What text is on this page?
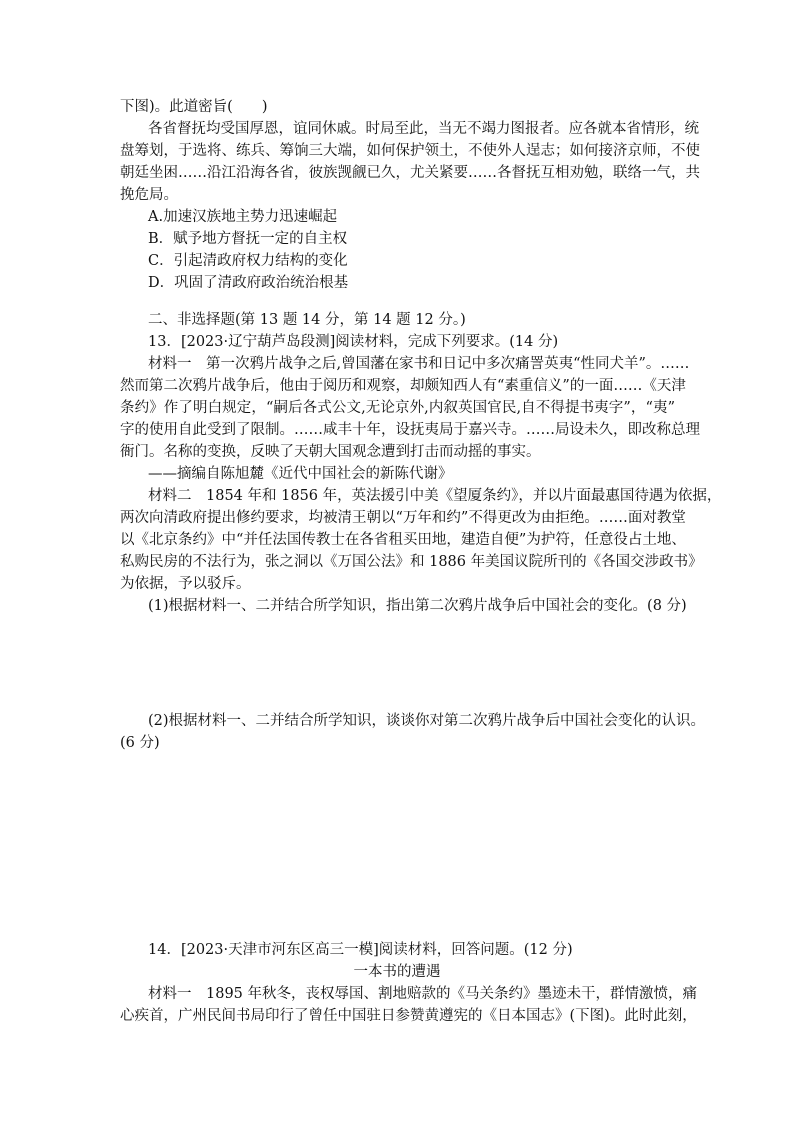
下图)。此道密旨(　　)
各省督抚均受国厚恩，谊同休戚。时局至此，当无不竭力图报者。应各就本省情形，统
盘筹划，于选将、练兵、筹饷三大端，如何保护领土，不使外人逞志；如何接济京师，不使
朝廷坐困……沿江沿海各省，彼族觊觎已久，尤关紧要……各督抚互相劝勉，联络一气，共
挽危局。
A.加速汉族地主势力迅速崛起
B．赋予地方督抚一定的自主权
C．引起清政府权力结构的变化
D．巩固了清政府政治统治根基
二、非选择题(第 13 题 14 分，第 14 题 12 分。)
13．[2023·辽宁葫芦岛段测]阅读材料，完成下列要求。(14 分)
材料一　第一次鸦片战争之后,曾国藩在家书和日记中多次痛詈英夷“性同犬羊”。……
然而第二次鸦片战争后，他由于阅历和观察，却颇知西人有“素重信义”的一面……《天津
条约》作了明白规定，“嗣后各式公文,无论京外,内叙英国官民,自不得提书夷字”，“夷”
字的使用自此受到了限制。……咸丰十年，设抚夷局于嘉兴寺。……局设未久，即改称总理
衙门。名称的变换，反映了天朝大国观念遭到打击而动摇的事实。
——摘编自陈旭麓《近代中国社会的新陈代谢》
材料二　1854 年和 1856 年，英法援引中美《望厦条约》，并以片面最惠国待遇为依据，
两次向清政府提出修约要求，均被清王朝以“万年和约”不得更改为由拒绝。……面对教堂
以《北京条约》中“并任法国传教士在各省租买田地，建造自便”为护符，任意役占土地、
私购民房的不法行为，张之洞以《万国公法》和 1886 年美国议院所刊的《各国交涉政书》
为依据，予以驳斥。
(1)根据材料一、二并结合所学知识，指出第二次鸦片战争后中国社会的变化。(8 分)
(2)根据材料一、二并结合所学知识，谈谈你对第二次鸦片战争后中国社会变化的认识。
(6 分)
14．[2023·天津市河东区高三一模]阅读材料，回答问题。(12 分)
一本书的遭遇
材料一　1895 年秋冬，丧权辱国、割地赔款的《马关条约》墨迹未干，群情激愤，痛
心疾首，广州民间书局印行了曾任中国驻日参赞黄遵宪的《日本国志》(下图)。此时此刻，
